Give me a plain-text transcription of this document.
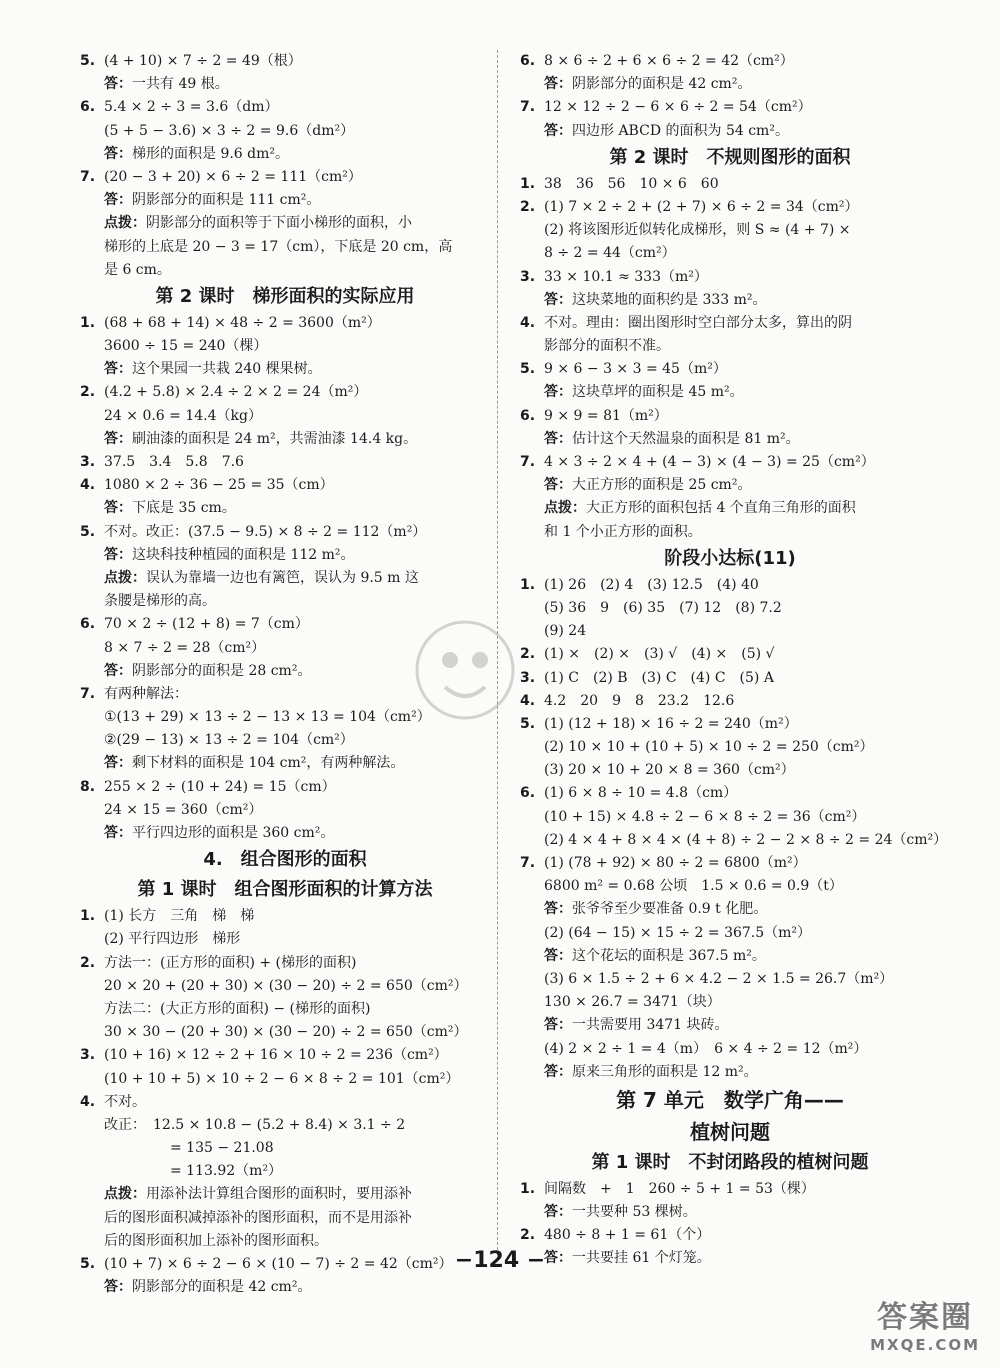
5. (4 + 10) × 7 ÷ 2 = 49（根）
答：一共有 49 根。
6. 5.4 × 2 ÷ 3 = 3.6（dm）
(5 + 5 − 3.6) × 3 ÷ 2 = 9.6（dm²）
答：梯形的面积是 9.6 dm²。
7. (20 − 3 + 20) × 6 ÷ 2 = 111（cm²）
答：阴影部分的面积是 111 cm²。
点拨：阴影部分的面积等于下面小梯形的面积，小
梯形的上底是 20 − 3 = 17（cm），下底是 20 cm，高
是 6 cm。
第 2 课时　梯形面积的实际应用
1. (68 + 68 + 14) × 48 ÷ 2 = 3600（m²）
3600 ÷ 15 = 240（棵）
答：这个果园一共栽 240 棵果树。
2. (4.2 + 5.8) × 2.4 ÷ 2 × 2 = 24（m²）
24 × 0.6 = 14.4（kg）
答：刷油漆的面积是 24 m²，共需油漆 14.4 kg。
3. 37.5　3.4　5.8　7.6
4. 1080 × 2 ÷ 36 − 25 = 35（cm）
答：下底是 35 cm。
5. 不对。改正：(37.5 − 9.5) × 8 ÷ 2 = 112（m²）
答：这块科技种植园的面积是 112 m²。
点拨：误认为靠墙一边也有篱笆，误认为 9.5 m 这
条腰是梯形的高。
6. 70 × 2 ÷ (12 + 8) = 7（cm）
8 × 7 ÷ 2 = 28（cm²）
答：阴影部分的面积是 28 cm²。
7. 有两种解法：
①(13 + 29) × 13 ÷ 2 − 13 × 13 = 104（cm²）
②(29 − 13) × 13 ÷ 2 = 104（cm²）
答：剩下材料的面积是 104 cm²，有两种解法。
8. 255 × 2 ÷ (10 + 24) = 15（cm）
24 × 15 = 360（cm²）
答：平行四边形的面积是 360 cm²。
4.　组合图形的面积
第 1 课时　组合图形面积的计算方法
1. (1) 长方　三角　梯　梯
(2) 平行四边形　梯形
2. 方法一：(正方形的面积) + (梯形的面积)
20 × 20 + (20 + 30) × (30 − 20) ÷ 2 = 650（cm²）
方法二：(大正方形的面积) − (梯形的面积)
30 × 30 − (20 + 30) × (30 − 20) ÷ 2 = 650（cm²）
3. (10 + 16) × 12 ÷ 2 + 16 × 10 ÷ 2 = 236（cm²）
(10 + 10 + 5) × 10 ÷ 2 − 6 × 8 ÷ 2 = 101（cm²）
4. 不对。
改正：　12.5 × 10.8 − (5.2 + 8.4) × 3.1 ÷ 2
　　　= 135 − 21.08
　　　= 113.92（m²）
点拨：用添补法计算组合图形的面积时，要用添补
后的图形面积减掉添补的图形面积，而不是用添补
后的图形面积加上添补的图形面积。
5. (10 + 7) × 6 ÷ 2 − 6 × (10 − 7) ÷ 2 = 42（cm²）
答：阴影部分的面积是 42 cm²。
6. 8 × 6 ÷ 2 + 6 × 6 ÷ 2 = 42（cm²）
答：阴影部分的面积是 42 cm²。
7. 12 × 12 ÷ 2 − 6 × 6 ÷ 2 = 54（cm²）
答：四边形 ABCD 的面积为 54 cm²。
第 2 课时　不规则图形的面积
1. 38　36　56　10 × 6　60
2. (1) 7 × 2 ÷ 2 + (2 + 7) × 6 ÷ 2 = 34（cm²）
(2) 将该图形近似转化成梯形，则 S ≈ (4 + 7) ×
8 ÷ 2 = 44（cm²）
3. 33 × 10.1 ≈ 333（m²）
答：这块菜地的面积约是 333 m²。
4. 不对。理由：圈出图形时空白部分太多，算出的阴
影部分的面积不准。
5. 9 × 6 − 3 × 3 = 45（m²）
答：这块草坪的面积是 45 m²。
6. 9 × 9 = 81（m²）
答：估计这个天然温泉的面积是 81 m²。
7. 4 × 3 ÷ 2 × 4 + (4 − 3) × (4 − 3) = 25（cm²）
答：大正方形的面积是 25 cm²。
点拨：大正方形的面积包括 4 个直角三角形的面积
和 1 个小正方形的面积。
阶段小达标(11)
1. (1) 26　(2) 4　(3) 12.5　(4) 40
(5) 36　9　(6) 35　(7) 12　(8) 7.2
(9) 24
2. (1) ×　(2) ×　(3) √　(4) ×　(5) √
3. (1) C　(2) B　(3) C　(4) C　(5) A
4. 4.2　20　9　8　23.2　12.6
5. (1) (12 + 18) × 16 ÷ 2 = 240（m²）
(2) 10 × 10 + (10 + 5) × 10 ÷ 2 = 250（cm²）
(3) 20 × 10 + 20 × 8 = 360（cm²）
6. (1) 6 × 8 ÷ 10 = 4.8（cm）
(10 + 15) × 4.8 ÷ 2 − 6 × 8 ÷ 2 = 36（cm²）
(2) 4 × 4 + 8 × 4 × (4 + 8) ÷ 2 − 2 × 8 ÷ 2 = 24（cm²）
7. (1) (78 + 92) × 80 ÷ 2 = 6800（m²）
6800 m² = 0.68 公顷　1.5 × 0.6 = 0.9（t）
答：张爷爷至少要准备 0.9 t 化肥。
(2) (64 − 15) × 15 ÷ 2 = 367.5（m²）
答：这个花坛的面积是 367.5 m²。
(3) 6 × 1.5 ÷ 2 + 6 × 4.2 − 2 × 1.5 = 26.7（m²）
130 × 26.7 = 3471（块）
答：一共需要用 3471 块砖。
(4) 2 × 2 ÷ 1 = 4（m）　6 × 4 ÷ 2 = 12（m²）
答：原来三角形的面积是 12 m²。
第 7 单元　数学广角——
植树问题
第 1 课时　不封闭路段的植树问题
1. 间隔数　+　1　260 ÷ 5 + 1 = 53（棵）
答：一共要种 53 棵树。
2. 480 ÷ 8 + 1 = 61（个）
答：一共要挂 61 个灯笼。
−124 −
答案圈
MXQE.COM
